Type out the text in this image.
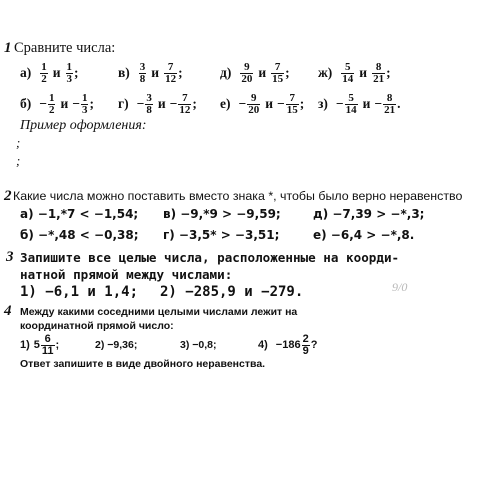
1 Сравните числа:
$а) \frac{1}{2}$ и $\frac{1}{3}$ ;	$в) \frac{3}{8}$ и $\frac{7}{12}$ ;	$д) \frac{9}{20}$ и $\frac{7}{15}$ ; $ж) \frac{5}{14}$ и $\frac{8}{21}$ ;
$б) - \frac{1}{2}$ $и - \frac{1}{3}$ ; $г) - \frac{3}{8}$ $и - \frac{7}{12}$ ; $е) - \frac{9}{20}$ $и - \frac{7}{15}$ ; $з) - \frac{5}{14}$ $и - \frac{8}{21}$ .
Пример оформления:
;
;
2 Какие числа можно поставить вместо знака *, чтобы было верно неравенство
а) −1,*7 < −1,54; в) −9,*9 > −9,59;	д) −7,39 > −*,3;
б) −*,48 < −0,38; г) −3,5* > −3,51;	е) −6,4 > −*,8.
3 Запишите все целые числа, расположенные на коорди-
натной прямой между числами:
1) −6,1 и 1,4; 2) −285,9 и −279.	9/0
4 Между какими соседними целыми числами лежит на
координатной прямой число:
1) $5 \frac{6}{11}$ ;	2) −9,36;	3) −0,8;	$4) -186 \frac{2}{9}$ ?
Ответ запишите в виде двойного неравенства.
